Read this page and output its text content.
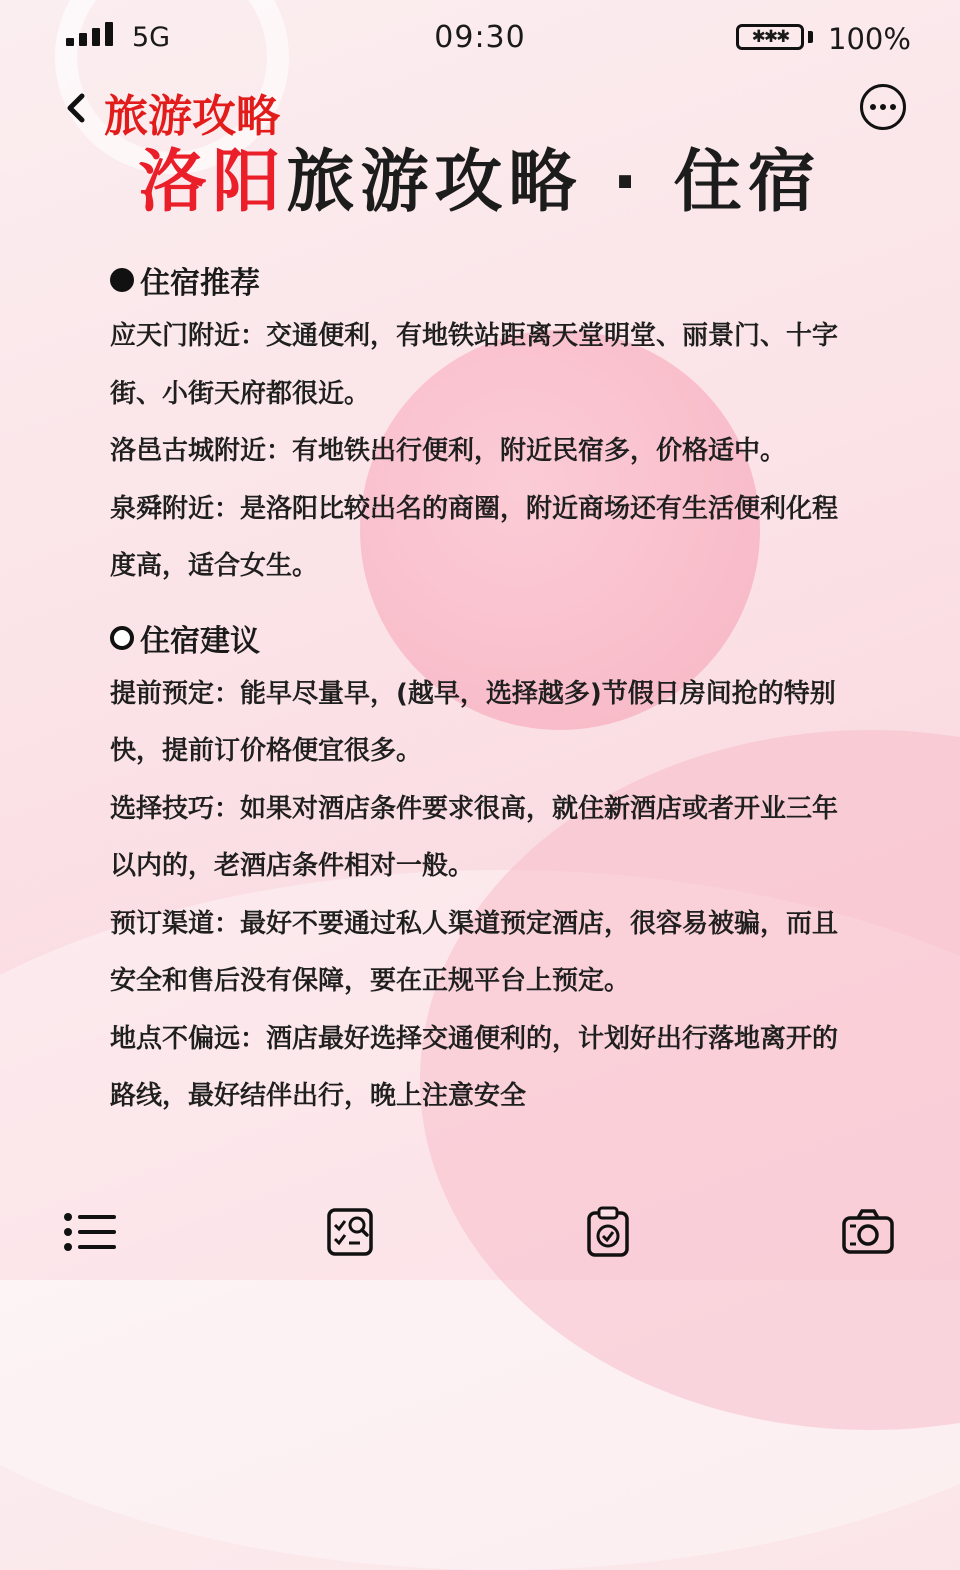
5G	09:30	✱✱✱	100%
旅游攻略
洛阳旅游攻略 · 住宿
住宿推荐

应天门附近：交通便利，有地铁站距离天堂明堂、丽景门、十字街、小街天府都很近。

洛邑古城附近：有地铁出行便利，附近民宿多，价格适中。

泉舜附近：是洛阳比较出名的商圈，附近商场还有生活便利化程度高，适合女生。

住宿建议

提前预定：能早尽量早，(越早，选择越多)节假日房间抢的特别快，提前订价格便宜很多。

选择技巧：如果对酒店条件要求很高，就住新酒店或者开业三年以内的，老酒店条件相对一般。

预订渠道：最好不要通过私人渠道预定酒店，很容易被骗，而且安全和售后没有保障，要在正规平台上预定。

地点不偏远：酒店最好选择交通便利的，计划好出行落地离开的路线，最好结伴出行，晚上注意安全
